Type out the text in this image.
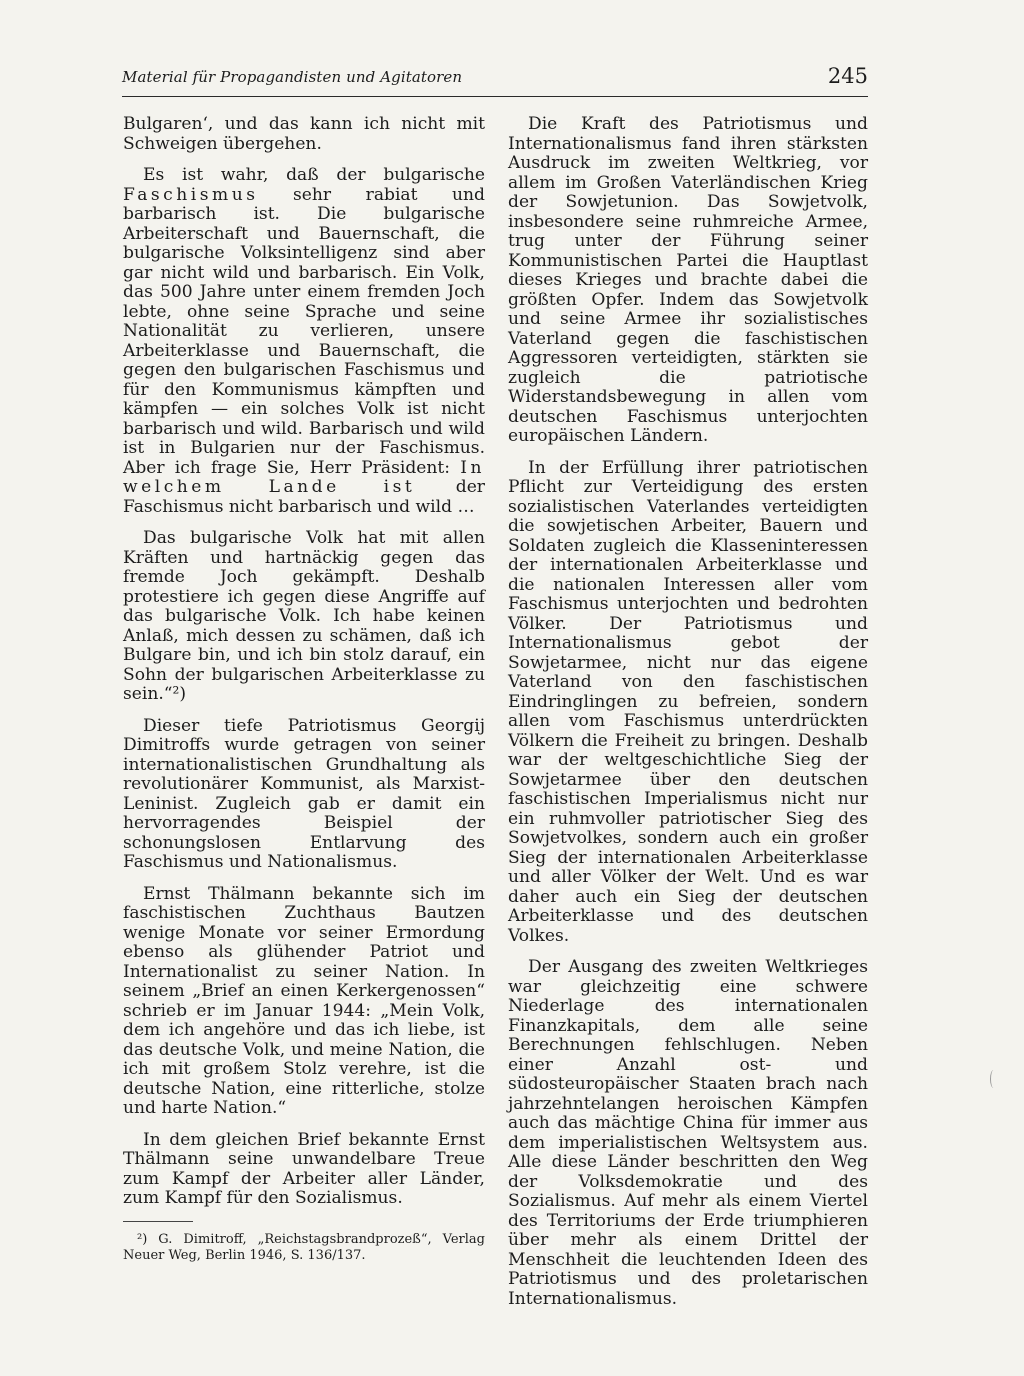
Material für Propagandisten und Agitatoren	245

Bulgaren‘, und das kann ich nicht mit Schweigen übergehen.

Es ist wahr, daß der bulgarische Faschismus sehr rabiat und barbarisch ist. Die bulgarische Arbeiterschaft und Bauernschaft, die bulgarische Volksintelligenz sind aber gar nicht wild und barbarisch. Ein Volk, das 500 Jahre unter einem fremden Joch lebte, ohne seine Sprache und seine Nationalität zu verlieren, unsere Arbeiterklasse und Bauernschaft, die gegen den bulgarischen Faschismus und für den Kommunismus kämpften und kämpfen — ein solches Volk ist nicht barbarisch und wild. Barbarisch und wild ist in Bulgarien nur der Faschismus. Aber ich frage Sie, Herr Präsident: In welchem Lande ist der Faschismus nicht barbarisch und wild …

Das bulgarische Volk hat mit allen Kräften und hartnäckig gegen das fremde Joch gekämpft. Deshalb protestiere ich gegen diese Angriffe auf das bulgarische Volk. Ich habe keinen Anlaß, mich dessen zu schämen, daß ich Bulgare bin, und ich bin stolz darauf, ein Sohn der bulgarischen Arbeiterklasse zu sein.“²)

Dieser tiefe Patriotismus Georgij Dimitroffs wurde getragen von seiner internationalistischen Grundhaltung als revolutionärer Kommunist, als Marxist-Leninist. Zugleich gab er damit ein hervorragendes Beispiel der schonungslosen Entlarvung des Faschismus und Nationalismus.

Ernst Thälmann bekannte sich im faschistischen Zuchthaus Bautzen wenige Monate vor seiner Ermordung ebenso als glühender Patriot und Internationalist zu seiner Nation. In seinem „Brief an einen Kerkergenossen“ schrieb er im Januar 1944: „Mein Volk, dem ich angehöre und das ich liebe, ist das deutsche Volk, und meine Nation, die ich mit großem Stolz verehre, ist die deutsche Nation, eine ritterliche, stolze und harte Nation.“

In dem gleichen Brief bekannte Ernst Thälmann seine unwandelbare Treue zum Kampf der Arbeiter aller Länder, zum Kampf für den Sozialismus.

²) G. Dimitroff, „Reichstagsbrandprozeß“, Verlag Neuer Weg, Berlin 1946, S. 136/137.

Die Kraft des Patriotismus und Internationalismus fand ihren stärksten Ausdruck im zweiten Weltkrieg, vor allem im Großen Vaterländischen Krieg der Sowjetunion. Das Sowjetvolk, insbesondere seine ruhmreiche Armee, trug unter der Führung seiner Kommunistischen Partei die Hauptlast dieses Krieges und brachte dabei die größten Opfer. Indem das Sowjetvolk und seine Armee ihr sozialistisches Vaterland gegen die faschistischen Aggressoren verteidigten, stärkten sie zugleich die patriotische Widerstandsbewegung in allen vom deutschen Faschismus unterjochten europäischen Ländern.

In der Erfüllung ihrer patriotischen Pflicht zur Verteidigung des ersten sozialistischen Vaterlandes verteidigten die sowjetischen Arbeiter, Bauern und Soldaten zugleich die Klasseninteressen der internationalen Arbeiterklasse und die nationalen Interessen aller vom Faschismus unterjochten und bedrohten Völker. Der Patriotismus und Internationalismus gebot der Sowjetarmee, nicht nur das eigene Vaterland von den faschistischen Eindringlingen zu befreien, sondern allen vom Faschismus unterdrückten Völkern die Freiheit zu bringen. Deshalb war der weltgeschichtliche Sieg der Sowjetarmee über den deutschen faschistischen Imperialismus nicht nur ein ruhmvoller patriotischer Sieg des Sowjetvolkes, sondern auch ein großer Sieg der internationalen Arbeiterklasse und aller Völker der Welt. Und es war daher auch ein Sieg der deutschen Arbeiterklasse und des deutschen Volkes.

Der Ausgang des zweiten Weltkrieges war gleichzeitig eine schwere Niederlage des internationalen Finanzkapitals, dem alle seine Berechnungen fehlschlugen. Neben einer Anzahl ost- und südosteuropäischer Staaten brach nach jahrzehntelangen heroischen Kämpfen auch das mächtige China für immer aus dem imperialistischen Weltsystem aus. Alle diese Länder beschritten den Weg der Volksdemokratie und des Sozialismus. Auf mehr als einem Viertel des Territoriums der Erde triumphieren über mehr als einem Drittel der Menschheit die leuchtenden Ideen des Patriotismus und des proletarischen Internationalismus.
